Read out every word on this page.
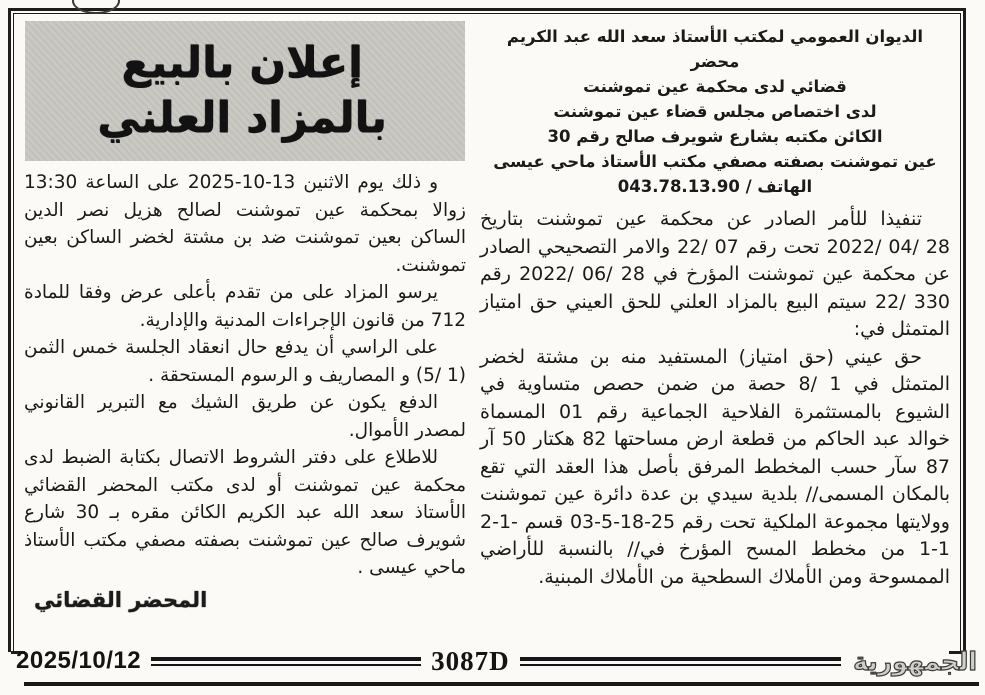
الديوان العمومي لمكتب الأستاذ سعد الله عبد الكريم محضر
قضائي لدى محكمة عين تموشنت
لدى اختصاص مجلس قضاء عين تموشنت
الكائن مكتبه بشارع شويرف صالح رقم 30
عين تموشنت بصفته مصفي مكتب الأستاذ ماحي عيسى
الهاتف / 043.78.13.90

تنفيذا للأمر الصادر عن محكمة عين تموشنت بتاريخ ‪2022/ 04/ 28‬ تحت رقم ‪22/ 07‬ والامر التصحيحي الصادر عن محكمة عين تموشنت المؤرخ في ‪2022/ 06/ 28‬ رقم ‪22/ 330‬ سيتم البيع بالمزاد العلني للحق العيني حق امتياز المتمثل في:

حق عيني (حق امتياز) المستفيد منه بن مشتة لخضر المتمثل في ‪8/ 1‬ حصة من ضمن حصص متساوية في الشيوع بالمستثمرة الفلاحية الجماعية رقم 01 المسماة خوالد عبد الحاكم من قطعة ارض مساحتها 82 هكتار 50 آر 87 سآر حسب المخطط المرفق بأصل هذا العقد التي تقع بالمكان المسمى// بلدية سيدي بن عدة دائرة عين تموشنت وولايتها مجموعة الملكية تحت رقم ‪03-5-18-25‬ قسم ‪2-1-1-1‬ من مخطط المسح المؤرخ في// بالنسبة للأراضي الممسوحة ومن الأملاك السطحية من الأملاك المبنية.

إعلان بالبيع
بالمزاد العلني

و ذلك يوم الاثنين ‪2025-10-13‬ على الساعة 13:30 زوالا بمحكمة عين تموشنت لصالح هزيل نصر الدين الساكن بعين تموشنت ضد بن مشتة لخضر الساكن بعين تموشنت.

يرسو المزاد على من تقدم بأعلى عرض وفقا للمادة 712 من قانون الإجراءات المدنية والإدارية.

على الراسي أن يدفع حال انعقاد الجلسة خمس الثمن ‪(5/ 1)‬ و المصاريف و الرسوم المستحقة .

الدفع يكون عن طريق الشيك مع التبرير القانوني لمصدر الأموال.

للاطلاع على دفتر الشروط الاتصال بكتابة الضبط لدى محكمة عين تموشنت أو لدى مكتب المحضر القضائي الأستاذ سعد الله عبد الكريم الكائن مقره بـ 30 شارع شويرف صالح عين تموشنت بصفته مصفي مكتب الأستاذ ماحي عيسى .

المحضر القضائي
2025/10/12	3087D	الجمهورية
